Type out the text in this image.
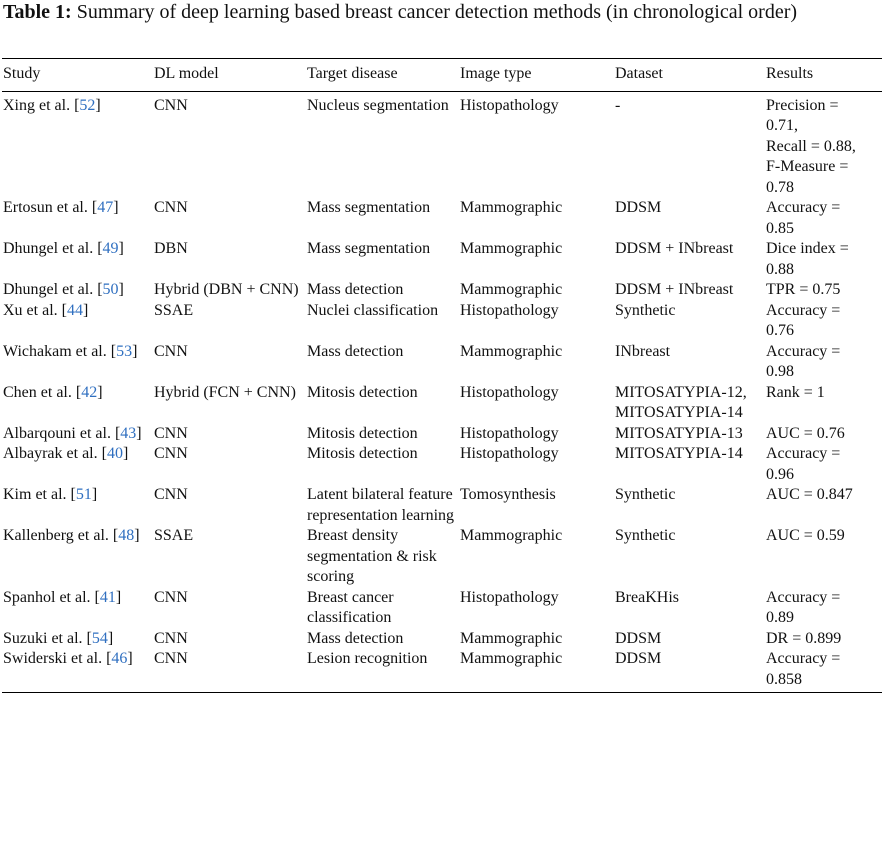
Table 1: Summary of deep learning based breast cancer detection methods (in chronological order)
Study	DL model	Target disease	Image type	Dataset	Results
Xing et al. [52]	CNN	Nucleus segmentation	Histopathology	-	Precision =
0.71,
Recall = 0.88,
F-Measure =
0.78
Ertosun et al. [47]	CNN	Mass segmentation	Mammographic	DDSM	Accuracy =
0.85
Dhungel et al. [49]	DBN	Mass segmentation	Mammographic	DDSM + INbreast	Dice index =
0.88
Dhungel et al. [50]	Hybrid (DBN + CNN)	Mass detection	Mammographic	DDSM + INbreast	TPR = 0.75
Xu et al. [44]	SSAE	Nuclei classification	Histopathology	Synthetic	Accuracy =
0.76
Wichakam et al. [53]	CNN	Mass detection	Mammographic	INbreast	Accuracy =
0.98
Chen et al. [42]	Hybrid (FCN + CNN)	Mitosis detection	Histopathology	MITOSATYPIA-12, MITOSATYPIA-14	Rank = 1
Albarqouni et al. [43]	CNN	Mitosis detection	Histopathology	MITOSATYPIA-13	AUC = 0.76
Albayrak et al. [40]	CNN	Mitosis detection	Histopathology	MITOSATYPIA-14	Accuracy =
0.96
Kim et al. [51]	CNN	Latent bilateral feature representation learning	Tomosynthesis	Synthetic	AUC = 0.847
Kallenberg et al. [48]	SSAE	Breast density segmentation & risk scoring	Mammographic	Synthetic	AUC = 0.59
Spanhol et al. [41]	CNN	Breast cancer classification	Histopathology	BreaKHis	Accuracy =
0.89
Suzuki et al. [54]	CNN	Mass detection	Mammographic	DDSM	DR = 0.899
Swiderski et al. [46]	CNN	Lesion recognition	Mammographic	DDSM	Accuracy =
0.858
